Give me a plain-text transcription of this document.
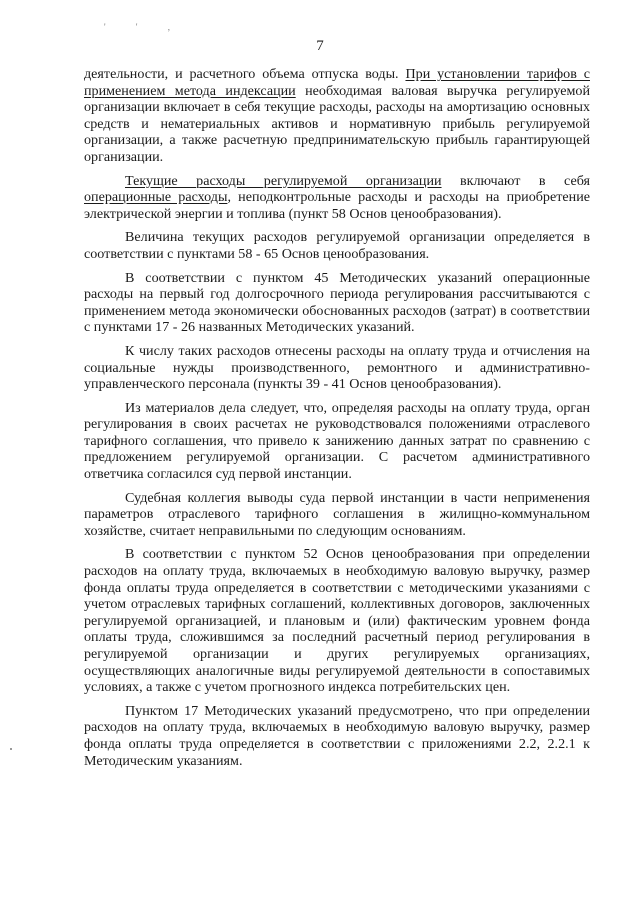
' ' ,
7

деятельности, и расчетного объема отпуска воды. При установлении тарифов с применением метода индексации необходимая валовая выручка регулируемой организации включает в себя текущие расходы, расходы на амортизацию основных средств и нематериальных активов и нормативную прибыль регулируемой организации, а также расчетную предпринимательскую прибыль гарантирующей организации.

Текущие расходы регулируемой организации включают в себя операционные расходы, неподконтрольные расходы и расходы на приобретение электрической энергии и топлива (пункт 58 Основ ценообразования).

Величина текущих расходов регулируемой организации определяется в соответствии с пунктами 58 - 65 Основ ценообразования.

В соответствии с пунктом 45 Методических указаний операционные расходы на первый год долгосрочного периода регулирования рассчитываются с применением метода экономически обоснованных расходов (затрат) в соответствии с пунктами 17 - 26 названных Методических указаний.

К числу таких расходов отнесены расходы на оплату труда и отчисления на социальные нужды производственного, ремонтного и административно-управленческого персонала (пункты 39 - 41 Основ ценообразования).

Из материалов дела следует, что, определяя расходы на оплату труда, орган регулирования в своих расчетах не руководствовался положениями отраслевого тарифного соглашения, что привело к занижению данных затрат по сравнению с предложением регулируемой организации. С расчетом административного ответчика согласился суд первой инстанции.

Судебная коллегия выводы суда первой инстанции в части неприменения параметров отраслевого тарифного соглашения в жилищно-коммунальном хозяйстве, считает неправильными по следующим основаниям.

В соответствии с пунктом 52 Основ ценообразования при определении расходов на оплату труда, включаемых в необходимую валовую выручку, размер фонда оплаты труда определяется в соответствии с методическими указаниями с учетом отраслевых тарифных соглашений, коллективных договоров, заключенных регулируемой организацией, и плановым и (или) фактическим уровнем фонда оплаты труда, сложившимся за последний расчетный период регулирования в регулируемой организации и других регулируемых организациях, осуществляющих аналогичные виды регулируемой деятельности в сопоставимых условиях, а также с учетом прогнозного индекса потребительских цен.

Пунктом 17 Методических указаний предусмотрено, что при определении расходов на оплату труда, включаемых в необходимую валовую выручку, размер фонда оплаты труда определяется в соответствии с приложениями 2.2, 2.2.1 к Методическим указаниям.
